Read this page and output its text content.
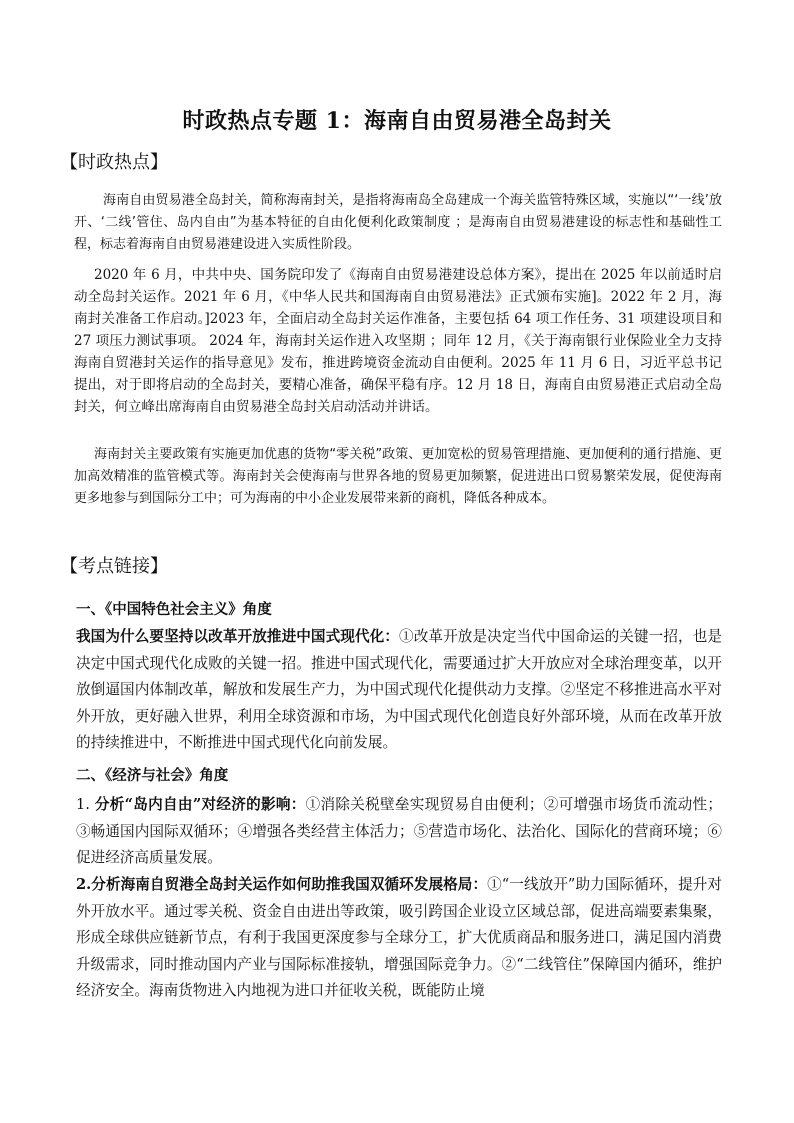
时政热点专题 1：海南自由贸易港全岛封关
【时政热点】

海南自由贸易港全岛封关，简称海南封关，是指将海南岛全岛建成一个海关监管特殊区域，实施以“‘一线’放开、‘二线’管住、岛内自由”为基本特征的自由化便利化政策制度 ；是海南自由贸易港建设的标志性和基础性工程，标志着海南自由贸易港建设进入实质性阶段。

2020 年 6 月，中共中央、国务院印发了《海南自由贸易港建设总体方案》，提出在 2025 年以前适时启动全岛封关运作。2021 年 6 月，《中华人民共和国海南自由贸易港法》正式颁布实施]。2022 年 2 月，海南封关准备工作启动。]2023 年，全面启动全岛封关运作准备，主要包括 64 项工作任务、31 项建设项目和 27 项压力测试事项。 2024 年，海南封关运作进入攻坚期 ；同年 12 月，《关于海南银行业保险业全力支持海南自贸港封关运作的指导意见》发布，推进跨境资金流动自由便利。2025 年 11 月 6 日，习近平总书记提出，对于即将启动的全岛封关，要精心准备，确保平稳有序。12 月 18 日，海南自由贸易港正式启动全岛封关，何立峰出席海南自由贸易港全岛封关启动活动并讲话。

海南封关主要政策有实施更加优惠的货物“零关税”政策、更加宽松的贸易管理措施、更加便利的通行措施、更加高效精准的监管模式等。海南封关会使海南与世界各地的贸易更加频繁，促进进出口贸易繁荣发展，促使海南更多地参与到国际分工中；可为海南的中小企业发展带来新的商机，降低各种成本。

【考点链接】
一、《中国特色社会主义》角度

我国为什么要坚持以改革开放推进中国式现代化：①改革开放是决定当代中国命运的关键一招，也是决定中国式现代化成败的关键一招。推进中国式现代化，需要通过扩大开放应对全球治理变革，以开放倒逼国内体制改革，解放和发展生产力，为中国式现代化提供动力支撑。②坚定不移推进高水平对外开放，更好融入世界，利用全球资源和市场，为中国式现代化创造良好外部环境，从而在改革开放的持续推进中，不断推进中国式现代化向前发展。

二、《经济与社会》角度

1. 分析“岛内自由”对经济的影响：①消除关税壁垒实现贸易自由便利；②可增强市场货币流动性；③畅通国内国际双循环；④增强各类经营主体活力；⑤营造市场化、法治化、国际化的营商环境；⑥促进经济高质量发展。

2.分析海南自贸港全岛封关运作如何助推我国双循环发展格局：①“一线放开”助力国际循环，提升对外开放水平。通过零关税、资金自由进出等政策，吸引跨国企业设立区域总部，促进高端要素集聚，形成全球供应链新节点，有利于我国更深度参与全球分工，扩大优质商品和服务进口，满足国内消费升级需求，同时推动国内产业与国际标准接轨，增强国际竞争力。②“二线管住”保障国内循环，维护经济安全。海南货物进入内地视为进口并征收关税，既能防止境
